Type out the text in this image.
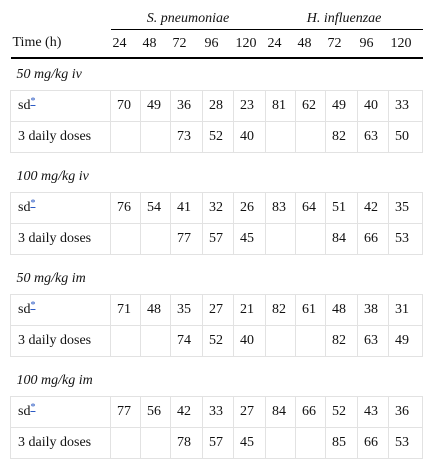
	S. pneumoniae					H. influenzae				
Time (h)	24	48	72	96	120	24	48	72	96	120
50 mg/kg iv										
sd*	70	49	36	28	23	81	62	49	40	33
3 daily doses			73	52	40			82	63	50

100 mg/kg iv										
sd*	76	54	41	32	26	83	64	51	42	35
3 daily doses			77	57	45			84	66	53

50 mg/kg im										
sd*	71	48	35	27	21	82	61	48	38	31
3 daily doses			74	52	40			82	63	49

100 mg/kg im										
sd*	77	56	42	33	27	84	66	52	43	36
3 daily doses			78	57	45			85	66	53
